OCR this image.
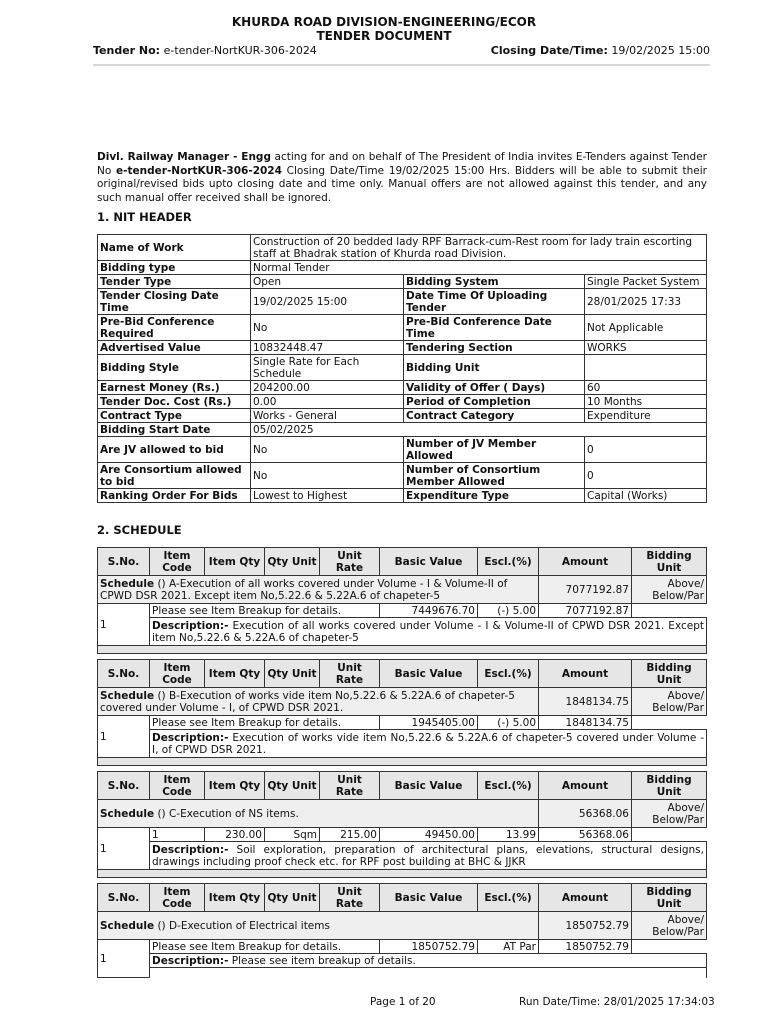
KHURDA ROAD DIVISION-ENGINEERING/ECOR
TENDER DOCUMENT
Tender No: e-tender-NortKUR-306-2024	Closing Date/Time: 19/02/2025 15:00
Divl. Railway Manager - Engg acting for and on behalf of The President of India invites E-Tenders against Tender No e-tender-NortKUR-306-2024 Closing Date/Time 19/02/2025 15:00 Hrs. Bidders will be able to submit their original/revised bids upto closing date and time only. Manual offers are not allowed against this tender, and any such manual offer received shall be ignored.
1. NIT HEADER
Name of Work	Construction of 20 bedded lady RPF Barrack-cum-Rest room for lady train escorting staff at Bhadrak station of Khurda road Division.		
Bidding type	Normal Tender		
Tender Type	Open	Bidding System	Single Packet System
Tender Closing Date Time	19/02/2025 15:00	Date Time Of Uploading Tender	28/01/2025 17:33
Pre-Bid Conference Required	No	Pre-Bid Conference Date Time	Not Applicable
Advertised Value	10832448.47	Tendering Section	WORKS
Bidding Style	Single Rate for Each Schedule	Bidding Unit	
Earnest Money (Rs.)	204200.00	Validity of Offer ( Days)	60
Tender Doc. Cost (Rs.)	0.00	Period of Completion	10 Months
Contract Type	Works - General	Contract Category	Expenditure
Bidding Start Date	05/02/2025		
Are JV allowed to bid	No	Number of JV Member Allowed	0
Are Consortium allowed to bid	No	Number of Consortium Member Allowed	0
Ranking Order For Bids	Lowest to Highest	Expenditure Type	Capital (Works)
2. SCHEDULE
S.No.	Item Code	Item Qty	Qty Unit	Unit Rate	Basic Value	Escl.(%)	Amount	Bidding Unit
Schedule () A-Execution of all works covered under Volume - I & Volume-II of CPWD DSR 2021. Except item No,5.22.6 & 5.22A.6 of chapeter-5							7077192.87	Above/ Below/Par
1	Please see Item Breakup for details.				7449676.70	(-) 5.00	7077192.87	
	Description:- Execution of all works covered under Volume - I & Volume-II of CPWD DSR 2021. Except item No,5.22.6 & 5.22A.6 of chapeter-5							

S.No.	Item Code	Item Qty	Qty Unit	Unit Rate	Basic Value	Escl.(%)	Amount	Bidding Unit
Schedule () B-Execution of works vide item No,5.22.6 & 5.22A.6 of chapeter-5 covered under Volume - I, of CPWD DSR 2021.							1848134.75	Above/ Below/Par
1	Please see Item Breakup for details.				1945405.00	(-) 5.00	1848134.75	
	Description:- Execution of works vide item No,5.22.6 & 5.22A.6 of chapeter-5 covered under Volume - I, of CPWD DSR 2021.							

S.No.	Item Code	Item Qty	Qty Unit	Unit Rate	Basic Value	Escl.(%)	Amount	Bidding Unit
Schedule () C-Execution of NS items.							56368.06	Above/ Below/Par
1	1	230.00	Sqm	215.00	49450.00	13.99	56368.06	
	Description:- Soil exploration, preparation of architectural plans, elevations, structural designs, drawings including proof check etc. for RPF post building at BHC & JJKR							

S.No.	Item Code	Item Qty	Qty Unit	Unit Rate	Basic Value	Escl.(%)	Amount	Bidding Unit
Schedule () D-Execution of Electrical items							1850752.79	Above/ Below/Par
1	Please see Item Breakup for details.				1850752.79	AT Par	1850752.79	
	Description:- Please see item breakup of details.							

Page 1 of 20	Run Date/Time: 28/01/2025 17:34:03
